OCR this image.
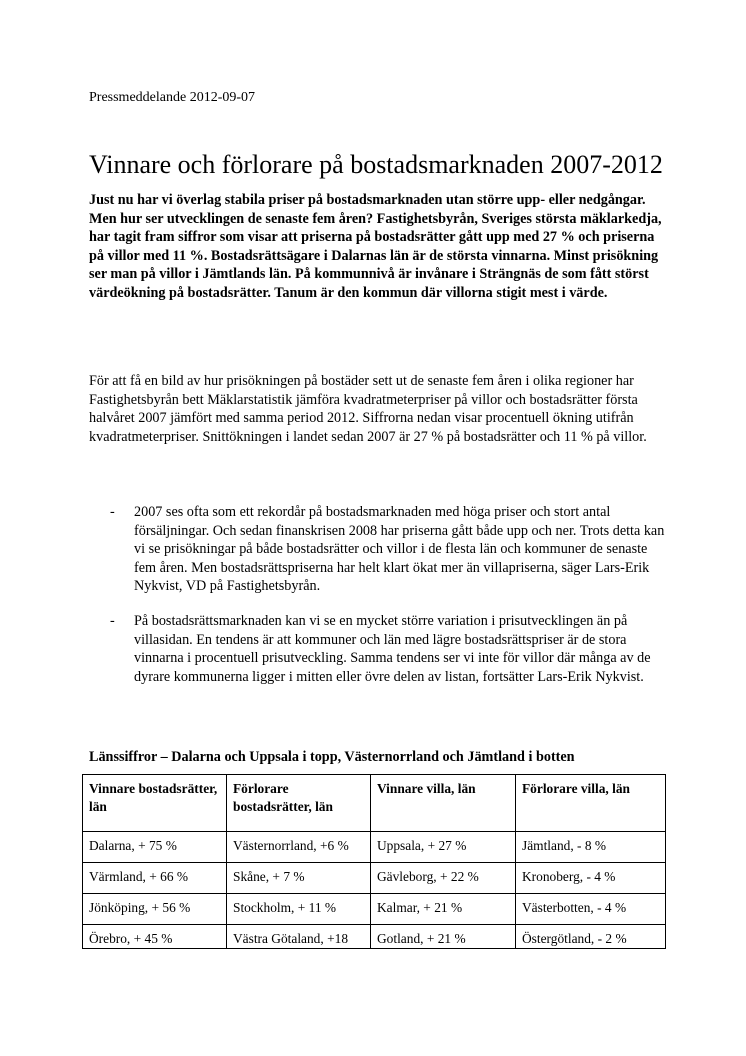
Pressmeddelande 2012-09-07
Vinnare och förlorare på bostadsmarknaden 2007-2012

Just nu har vi överlag stabila priser på bostadsmarknaden utan större upp- eller nedgångar. Men hur ser utvecklingen de senaste fem åren? Fastighetsbyrån, Sveriges största mäklarkedja, har tagit fram siffror som visar att priserna på bostadsrätter gått upp med 27 % och priserna på villor med 11 %. Bostadsrättsägare i Dalarnas län är de största vinnarna. Minst prisökning ser man på villor i Jämtlands län. På kommunnivå är invånare i Strängnäs de som fått störst värdeökning på bostadsrätter. Tanum är den kommun där villorna stigit mest i värde.

För att få en bild av hur prisökningen på bostäder sett ut de senaste fem åren i olika regioner har Fastighetsbyrån bett Mäklarstatistik jämföra kvadratmeterpriser på villor och bostadsrätter första halvåret 2007 jämfört med samma period 2012. Siffrorna nedan visar procentuell ökning utifrån kvadratmeterpriser. Snittökningen i landet sedan 2007 är 27 % på bostadsrätter och 11 % på villor.

- 2007 ses ofta som ett rekordår på bostadsmarknaden med höga priser och stort antal försäljningar. Och sedan finanskrisen 2008 har priserna gått både upp och ner. Trots detta kan vi se prisökningar på både bostadsrätter och villor i de flesta län och kommuner de senaste fem åren. Men bostadsrättspriserna har helt klart ökat mer än villapriserna, säger Lars-Erik Nykvist, VD på Fastighetsbyrån.
- På bostadsrättsmarknaden kan vi se en mycket större variation i prisutvecklingen än på villasidan. En tendens är att kommuner och län med lägre bostadsrättspriser är de stora vinnarna i procentuell prisutveckling. Samma tendens ser vi inte för villor där många av de dyrare kommunerna ligger i mitten eller övre delen av listan, fortsätter Lars-Erik Nykvist.
Länssiffror – Dalarna och Uppsala i topp, Västernorrland och Jämtland i botten
Vinnare bostadsrätter, län	Förlorare bostadsrätter, län	Vinnare villa, län	Förlorare villa, län
Dalarna, + 75 %	Västernorrland, +6 %	Uppsala, + 27 %	Jämtland, - 8 %
Värmland, + 66 %	Skåne, + 7 %	Gävleborg, + 22 %	Kronoberg, - 4 %
Jönköping, + 56 %	Stockholm, + 11 %	Kalmar, + 21 %	Västerbotten, - 4 %
Örebro, + 45 %	Västra Götaland, +18	Gotland, + 21 %	Östergötland, - 2 %
